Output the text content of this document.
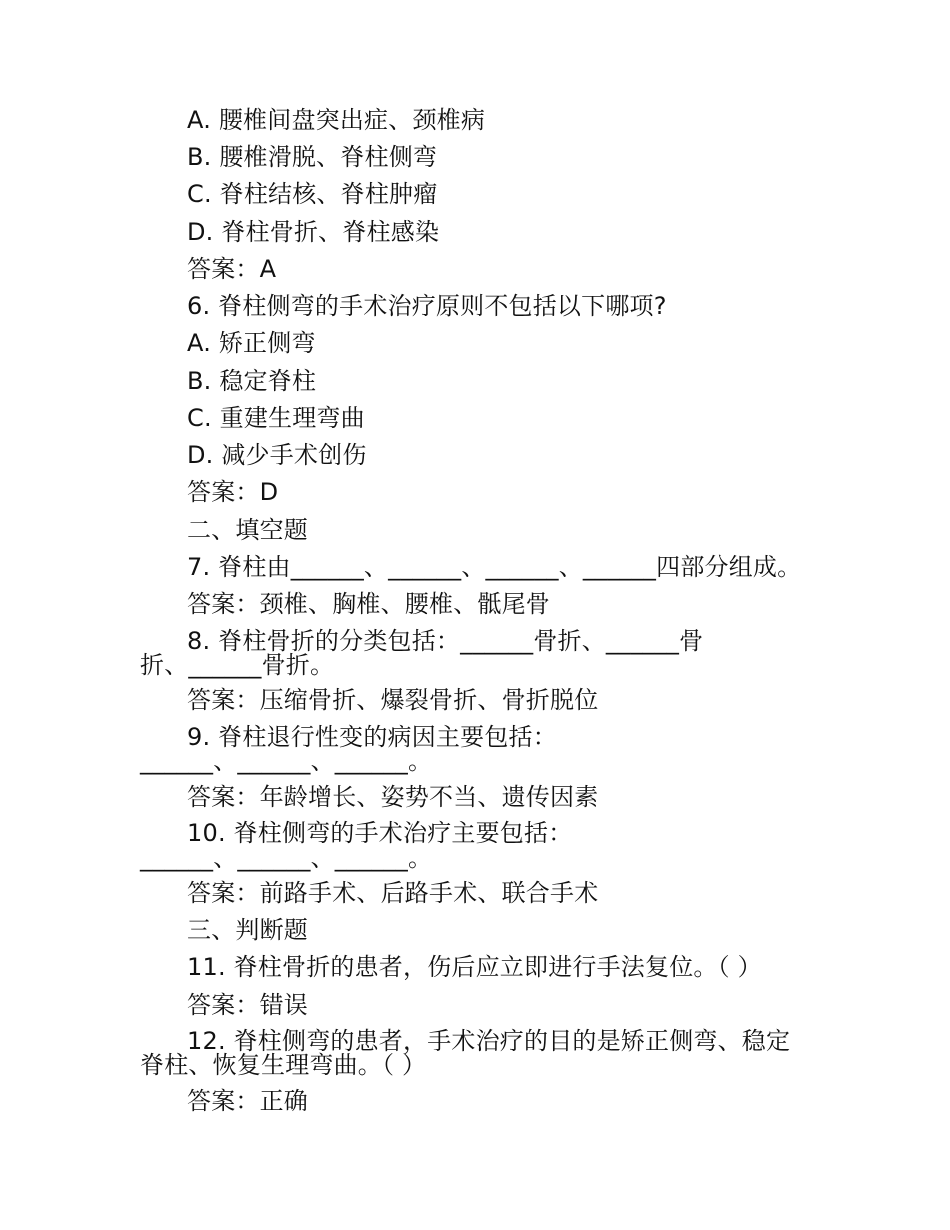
A. 腰椎间盘突出症、颈椎病
B. 腰椎滑脱、脊柱侧弯
C. 脊柱结核、脊柱肿瘤
D. 脊柱骨折、脊柱感染
答案：A
6. 脊柱侧弯的手术治疗原则不包括以下哪项?
A. 矫正侧弯
B. 稳定脊柱
C. 重建生理弯曲
D. 减少手术创伤
答案：D
二、填空题
7. 脊柱由______、______、______、______四部分组成。
答案：颈椎、胸椎、腰椎、骶尾骨
8. 脊柱骨折的分类包括：______骨折、______骨
折、______骨折。
答案：压缩骨折、爆裂骨折、骨折脱位
9. 脊柱退行性变的病因主要包括：
______、______、______。
答案：年龄增长、姿势不当、遗传因素
10. 脊柱侧弯的手术治疗主要包括：
______、______、______。
答案：前路手术、后路手术、联合手术
三、判断题
11. 脊柱骨折的患者，伤后应立即进行手法复位。（ ）
答案：错误
12. 脊柱侧弯的患者，手术治疗的目的是矫正侧弯、稳定
脊柱、恢复生理弯曲。（ ）
答案：正确
